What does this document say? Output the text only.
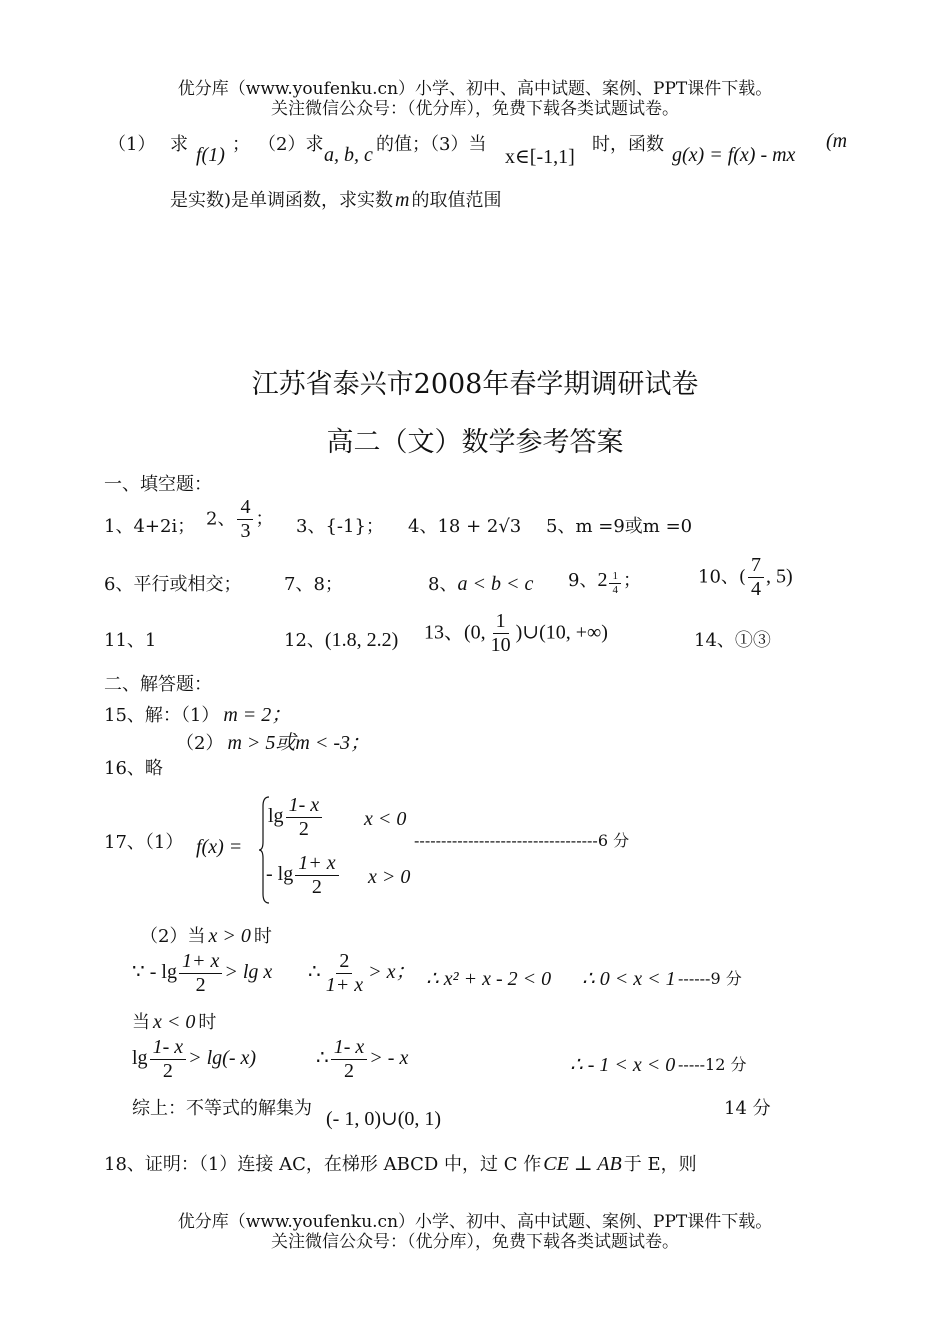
优分库（www.youfenku.cn）小学、初中、高中试题、案例、PPT课件下载。
关注微信公众号：（优分库），免费下载各类试题试卷。
（1） 求 f(1) ； （2）求 a, b, c 的值；（3）当
x∈[-1,1]
时，函数 g(x) = f(x) - mx
(m
是实数)是单调函数，求实数 m 的取值范围
江苏省泰兴市2008年春学期调研试卷
高二（文）数学参考答案
一、填空题：
1、4+2i； 2、 $\frac{4}{3}$ ； 3、{-1}； 4、18 + 2√3 5、m =9或m =0
6、平行或相交； 7、8；	8、a < b < c 9、$2 \frac{1}{4}$ ；	10、( $\frac{7}{4}$ , 5)
11、1	12、(1.8, 2.2) 13、(0, $\frac{1}{10}$ )∪(10, +∞)	14、①③
二、解答题：
15、解：（1） m = 2；
（2） m > 5或m < -3；
16、略
17、（1） f(x) =
$\lg \frac{1- x}{2}$ x < 0
- $\lg \frac{1+ x}{2}$ x > 0
----------------------------------6 分
（2）当 x > 0 时
∵ - $\lg \frac{1+ x}{2} > \lg x$ ∴ $\frac{2}{1+ x} > x$； ∴ x² + x - 2 < 0 ∴ 0 < x < 1 ------9 分
当 x < 0 时
$\lg \frac{1- x}{2} > \lg(-$ x)	∴ $\frac{1- x}{2}$ > - x	∴ - 1 < x < 0 -----12 分
综上：不等式的解集为 (- 1, 0)∪(0, 1)	14 分
18、证明：（1）连接 AC，在梯形 ABCD 中，过 C 作 CE ⊥ AB 于 E，则
优分库（www.youfenku.cn）小学、初中、高中试题、案例、PPT课件下载。
关注微信公众号：（优分库），免费下载各类试题试卷。
